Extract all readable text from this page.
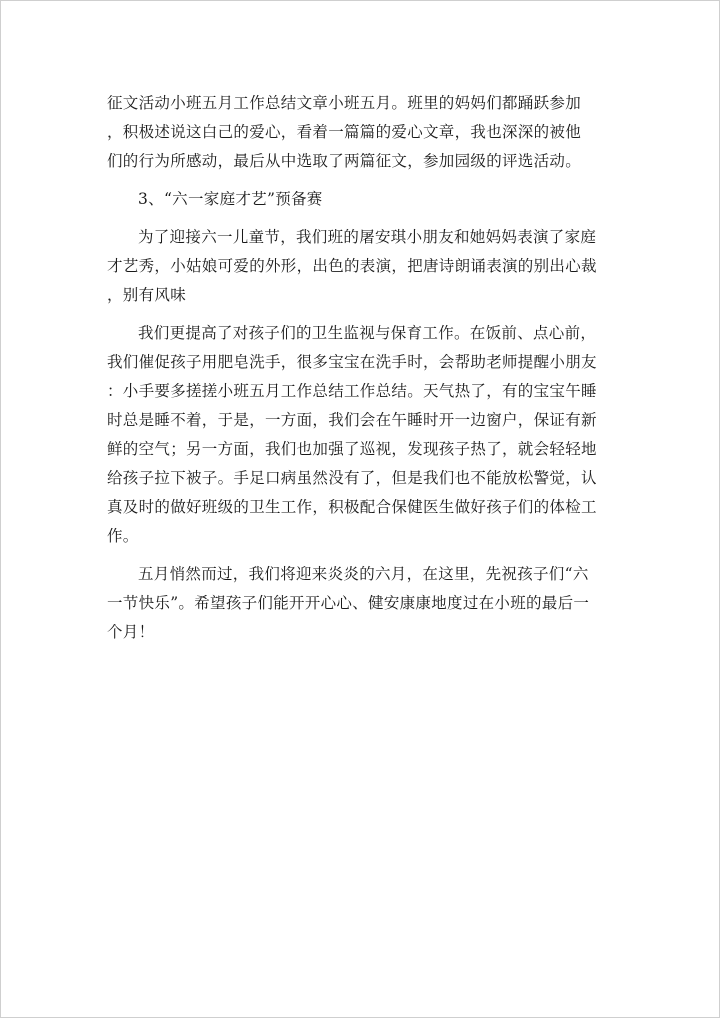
征文活动小班五月工作总结文章小班五月。班里的妈妈们都踊跃参加
，积极述说这白己的爱心，看着一篇篇的爱心文章，我也深深的被他
们的行为所感动，最后从中选取了两篇征文，参加园级的评选活动。
3、“六一家庭才艺”预备赛
为了迎接六一儿童节，我们班的屠安琪小朋友和她妈妈表演了家庭
才艺秀，小姑娘可爱的外形，出色的表演，把唐诗朗诵表演的别出心裁
，别有风味
我们更提高了对孩子们的卫生监视与保育工作。在饭前、点心前，
我们催促孩子用肥皂洗手，很多宝宝在洗手时，会帮助老师提醒小朋友
：小手要多搓搓小班五月工作总结工作总结。天气热了，有的宝宝午睡
时总是睡不着，于是，一方面，我们会在午睡时开一边窗户，保证有新
鲜的空气；另一方面，我们也加强了巡视，发现孩子热了，就会轻轻地
给孩子拉下被子。手足口病虽然没有了，但是我们也不能放松警觉，认
真及时的做好班级的卫生工作，积极配合保健医生做好孩子们的体检工
作。
五月悄然而过，我们将迎来炎炎的六月，在这里，先祝孩子们“六
一节快乐”。希望孩子们能开开心心、健安康康地度过在小班的最后一
个月！
